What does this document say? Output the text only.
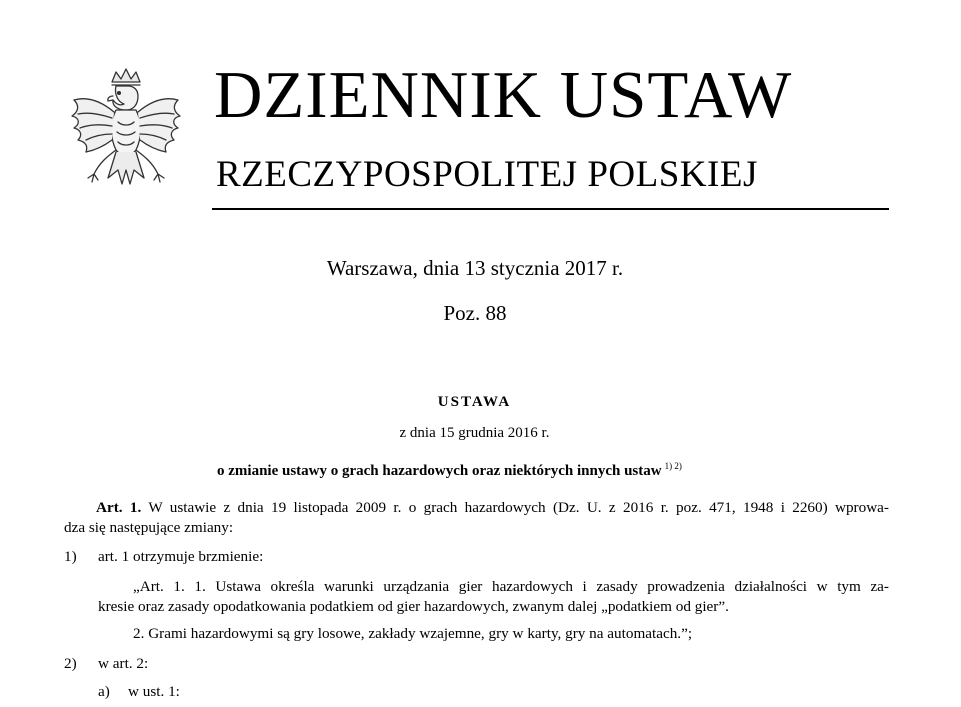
DZIENNIK USTAW
RZECZYPOSPOLITEJ POLSKIEJ
Warszawa, dnia 13 stycznia 2017 r.
Poz. 88
USTAWA
z dnia 15 grudnia 2016 r.
o zmianie ustawy o grach hazardowych oraz niektórych innych ustaw $^{1) 2)}$
Art. 1. W ustawie z dnia 19 listopada 2009 r. o grach hazardowych (Dz. U. z 2016 r. poz. 471, 1948 i 2260) wprowa-
dza się następujące zmiany:
1) art. 1 otrzymuje brzmienie:
„Art. 1. 1. Ustawa określa warunki urządzania gier hazardowych i zasady prowadzenia działalności w tym za-
kresie oraz zasady opodatkowania podatkiem od gier hazardowych, zwanym dalej „podatkiem od gier”.
2. Grami hazardowymi są gry losowe, zakłady wzajemne, gry w karty, gry na automatach.”;
2) w art. 2:
a) w ust. 1:
